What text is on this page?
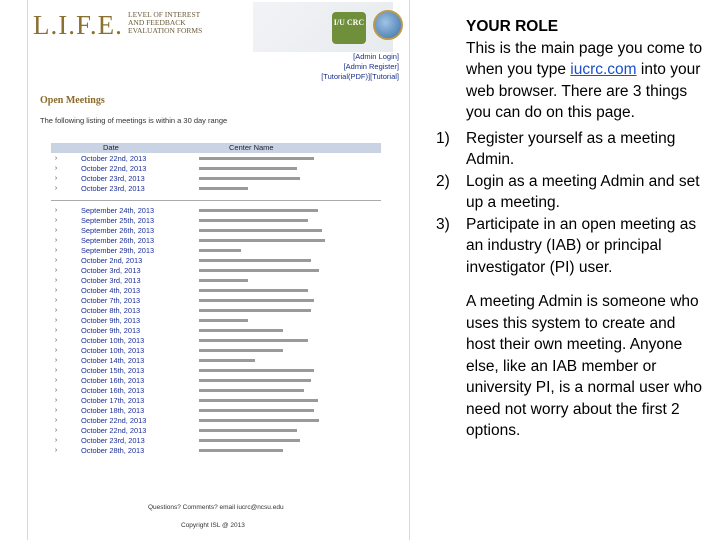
L.I.F.E. LEVEL OF INTEREST
AND FEEDBACK
EVALUATION FORMS
I/U CRC
[Admin Login]
[Admin Register]
[Tutorial(PDF)][Tutorial]
Open Meetings
The following listing of meetings is within a 30 day range
Date	Center Name
›	October 22nd, 2013
›	October 22nd, 2013
›	October 23rd, 2013
›	October 23rd, 2013
›	September 24th, 2013
›	September 25th, 2013
›	September 26th, 2013
›	September 26th, 2013
›	September 29th, 2013
›	October 2nd, 2013
›	October 3rd, 2013
›	October 3rd, 2013
›	October 4th, 2013
›	October 7th, 2013
›	October 8th, 2013
›	October 9th, 2013
›	October 9th, 2013
›	October 10th, 2013
›	October 10th, 2013
›	October 14th, 2013
›	October 15th, 2013
›	October 16th, 2013
›	October 16th, 2013
›	October 17th, 2013
›	October 18th, 2013
›	October 22nd, 2013
›	October 22nd, 2013
›	October 23rd, 2013
›	October 28th, 2013
Questions? Comments? email iucrc@ncsu.edu
Copyright ISL @ 2013
YOUR ROLE
This is the main page you come to when you type iucrc.com into your web browser. There are 3 things you can do on this page.
1)	Register yourself as a meeting Admin.
2)	Login as a meeting Admin and set up a meeting.
3)	Participate in an open meeting as an industry (IAB) or principal investigator (PI) user.
A meeting Admin is someone who uses this system to create and host their own meeting. Anyone else, like an IAB member or university PI, is a normal user who need not worry about the first 2 options.
